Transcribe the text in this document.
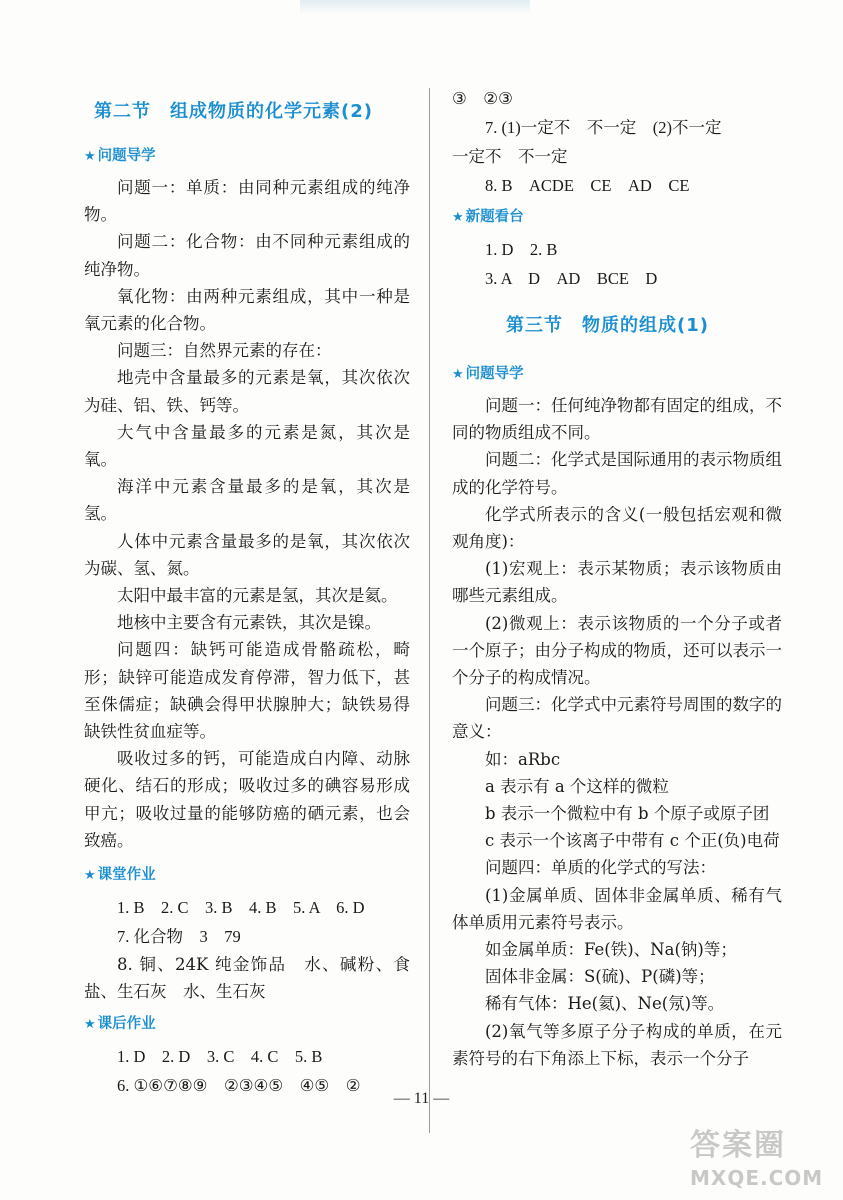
第二节　组成物质的化学元素(2)
★ 问题导学

问题一：单质：由同种元素组成的纯净物。

问题二：化合物：由不同种元素组成的纯净物。

氧化物：由两种元素组成，其中一种是氧元素的化合物。

问题三：自然界元素的存在：

地壳中含量最多的元素是氧，其次依次为硅、铝、铁、钙等。

大气中含量最多的元素是氮，其次是氧。

海洋中元素含量最多的是氧，其次是氢。

人体中元素含量最多的是氧，其次依次为碳、氢、氮。

太阳中最丰富的元素是氢，其次是氦。

地核中主要含有元素铁，其次是镍。

问题四：缺钙可能造成骨骼疏松，畸形；缺锌可能造成发育停滞，智力低下，甚至侏儒症；缺碘会得甲状腺肿大；缺铁易得缺铁性贫血症等。

吸收过多的钙，可能造成白内障、动脉硬化、结石的形成；吸收过多的碘容易形成甲亢；吸收过量的能够防癌的硒元素，也会致癌。

★ 课堂作业

1. B　2. C　3. B　4. B　5. A　6. D

7. 化合物　3　79

8. 铜、24K 纯金饰品　水、碱粉、食盐、生石灰　水、生石灰

★ 课后作业

1. D　2. D　3. C　4. C　5. B

6. ①⑥⑦⑧⑨　②③④⑤　④⑤　②

③　②③

7. (1)一定不　不一定　(2)不一定

一定不　不一定

8. B　ACDE　CE　AD　CE

★ 新题看台

1. D　2. B

3. A　D　AD　BCE　D

第三节　物质的组成(1)
★ 问题导学

问题一：任何纯净物都有固定的组成，不同的物质组成不同。

问题二：化学式是国际通用的表示物质组成的化学符号。

化学式所表示的含义(一般包括宏观和微观角度)：

(1)宏观上：表示某物质；表示该物质由哪些元素组成。

(2)微观上：表示该物质的一个分子或者一个原子；由分子构成的物质，还可以表示一个分子的构成情况。

问题三：化学式中元素符号周围的数字的意义：

如：aRbc

a 表示有 a 个这样的微粒

b 表示一个微粒中有 b 个原子或原子团

c 表示一个该离子中带有 c 个正(负)电荷

问题四：单质的化学式的写法：

(1)金属单质、固体非金属单质、稀有气体单质用元素符号表示。

如金属单质：Fe(铁)、Na(钠)等；

固体非金属：S(硫)、P(磷)等；

稀有气体：He(氦)、Ne(氖)等。

(2)氧气等多原子分子构成的单质，在元素符号的右下角添上下标，表示一个分子

— 11 —
答案圈
MXQE.COM
